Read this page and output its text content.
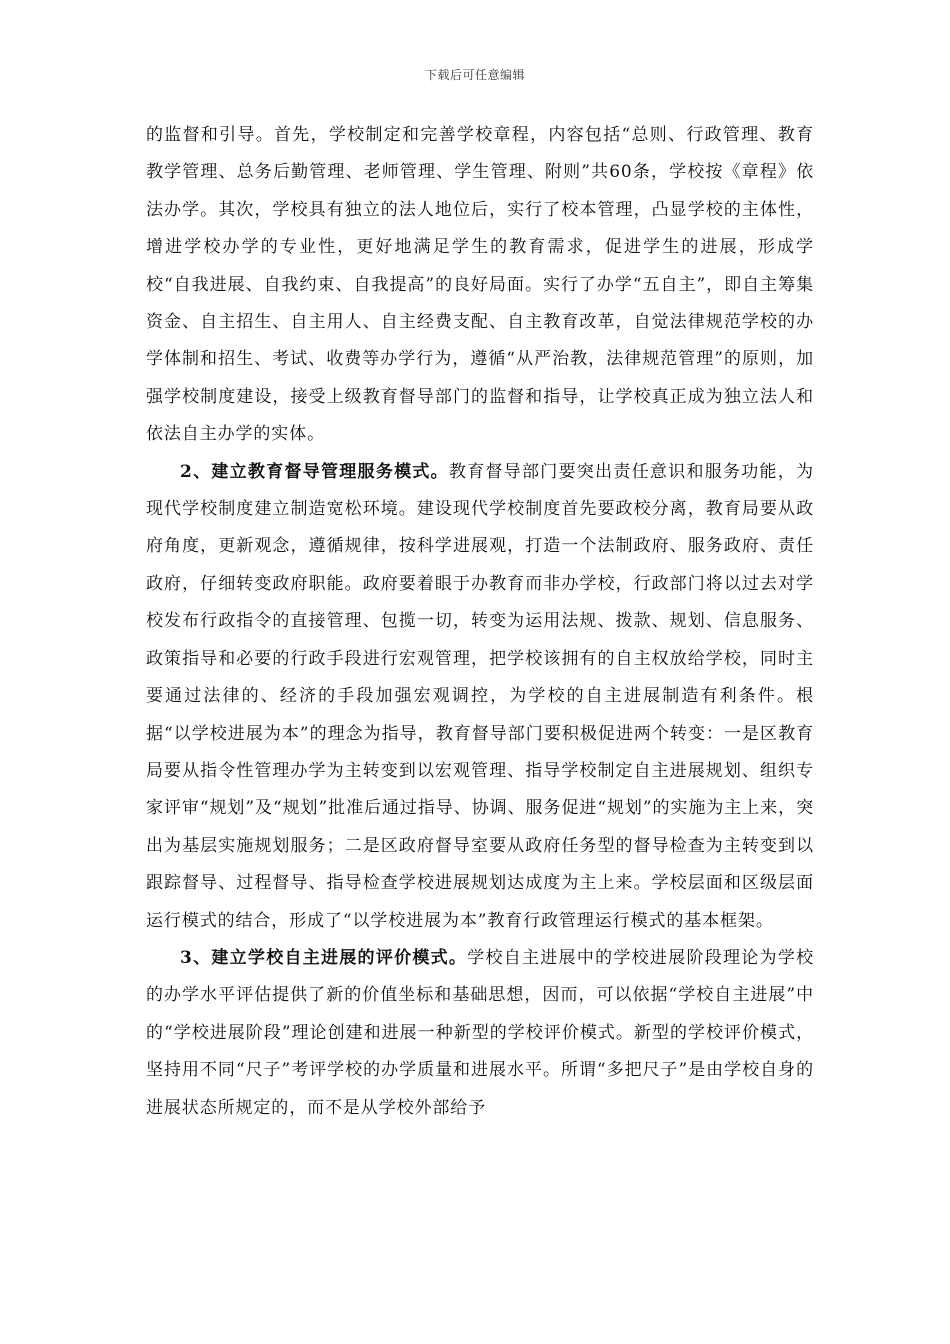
下载后可任意编辑

的监督和引导。首先，学校制定和完善学校章程，内容包括“总则、行政管理、教育教学管理、总务后勤管理、老师管理、学生管理、附则”共60条，学校按《章程》依法办学。其次，学校具有独立的法人地位后，实行了校本管理，凸显学校的主体性，增进学校办学的专业性，更好地满足学生的教育需求，促进学生的进展，形成学校“自我进展、自我约束、自我提高”的良好局面。实行了办学“五自主”，即自主筹集资金、自主招生、自主用人、自主经费支配、自主教育改革，自觉法律规范学校的办学体制和招生、考试、收费等办学行为，遵循“从严治教，法律规范管理”的原则，加强学校制度建设，接受上级教育督导部门的监督和指导，让学校真正成为独立法人和依法自主办学的实体。

2、建立教育督导管理服务模式。教育督导部门要突出责任意识和服务功能，为现代学校制度建立制造宽松环境。建设现代学校制度首先要政校分离，教育局要从政府角度，更新观念，遵循规律，按科学进展观，打造一个法制政府、服务政府、责任政府，仔细转变政府职能。政府要着眼于办教育而非办学校，行政部门将以过去对学校发布行政指令的直接管理、包揽一切，转变为运用法规、拨款、规划、信息服务、政策指导和必要的行政手段进行宏观管理，把学校该拥有的自主权放给学校，同时主要通过法律的、经济的手段加强宏观调控，为学校的自主进展制造有利条件。根据“以学校进展为本”的理念为指导，教育督导部门要积极促进两个转变：一是区教育局要从指令性管理办学为主转变到以宏观管理、指导学校制定自主进展规划、组织专家评审“规划”及“规划”批准后通过指导、协调、服务促进“规划”的实施为主上来，突出为基层实施规划服务；二是区政府督导室要从政府任务型的督导检查为主转变到以跟踪督导、过程督导、指导检查学校进展规划达成度为主上来。学校层面和区级层面运行模式的结合，形成了“以学校进展为本”教育行政管理运行模式的基本框架。

3、建立学校自主进展的评价模式。学校自主进展中的学校进展阶段理论为学校的办学水平评估提供了新的价值坐标和基础思想，因而，可以依据“学校自主进展”中的“学校进展阶段”理论创建和进展一种新型的学校评价模式。新型的学校评价模式，坚持用不同“尺子”考评学校的办学质量和进展水平。所谓“多把尺子”是由学校自身的进展状态所规定的，而不是从学校外部给予
